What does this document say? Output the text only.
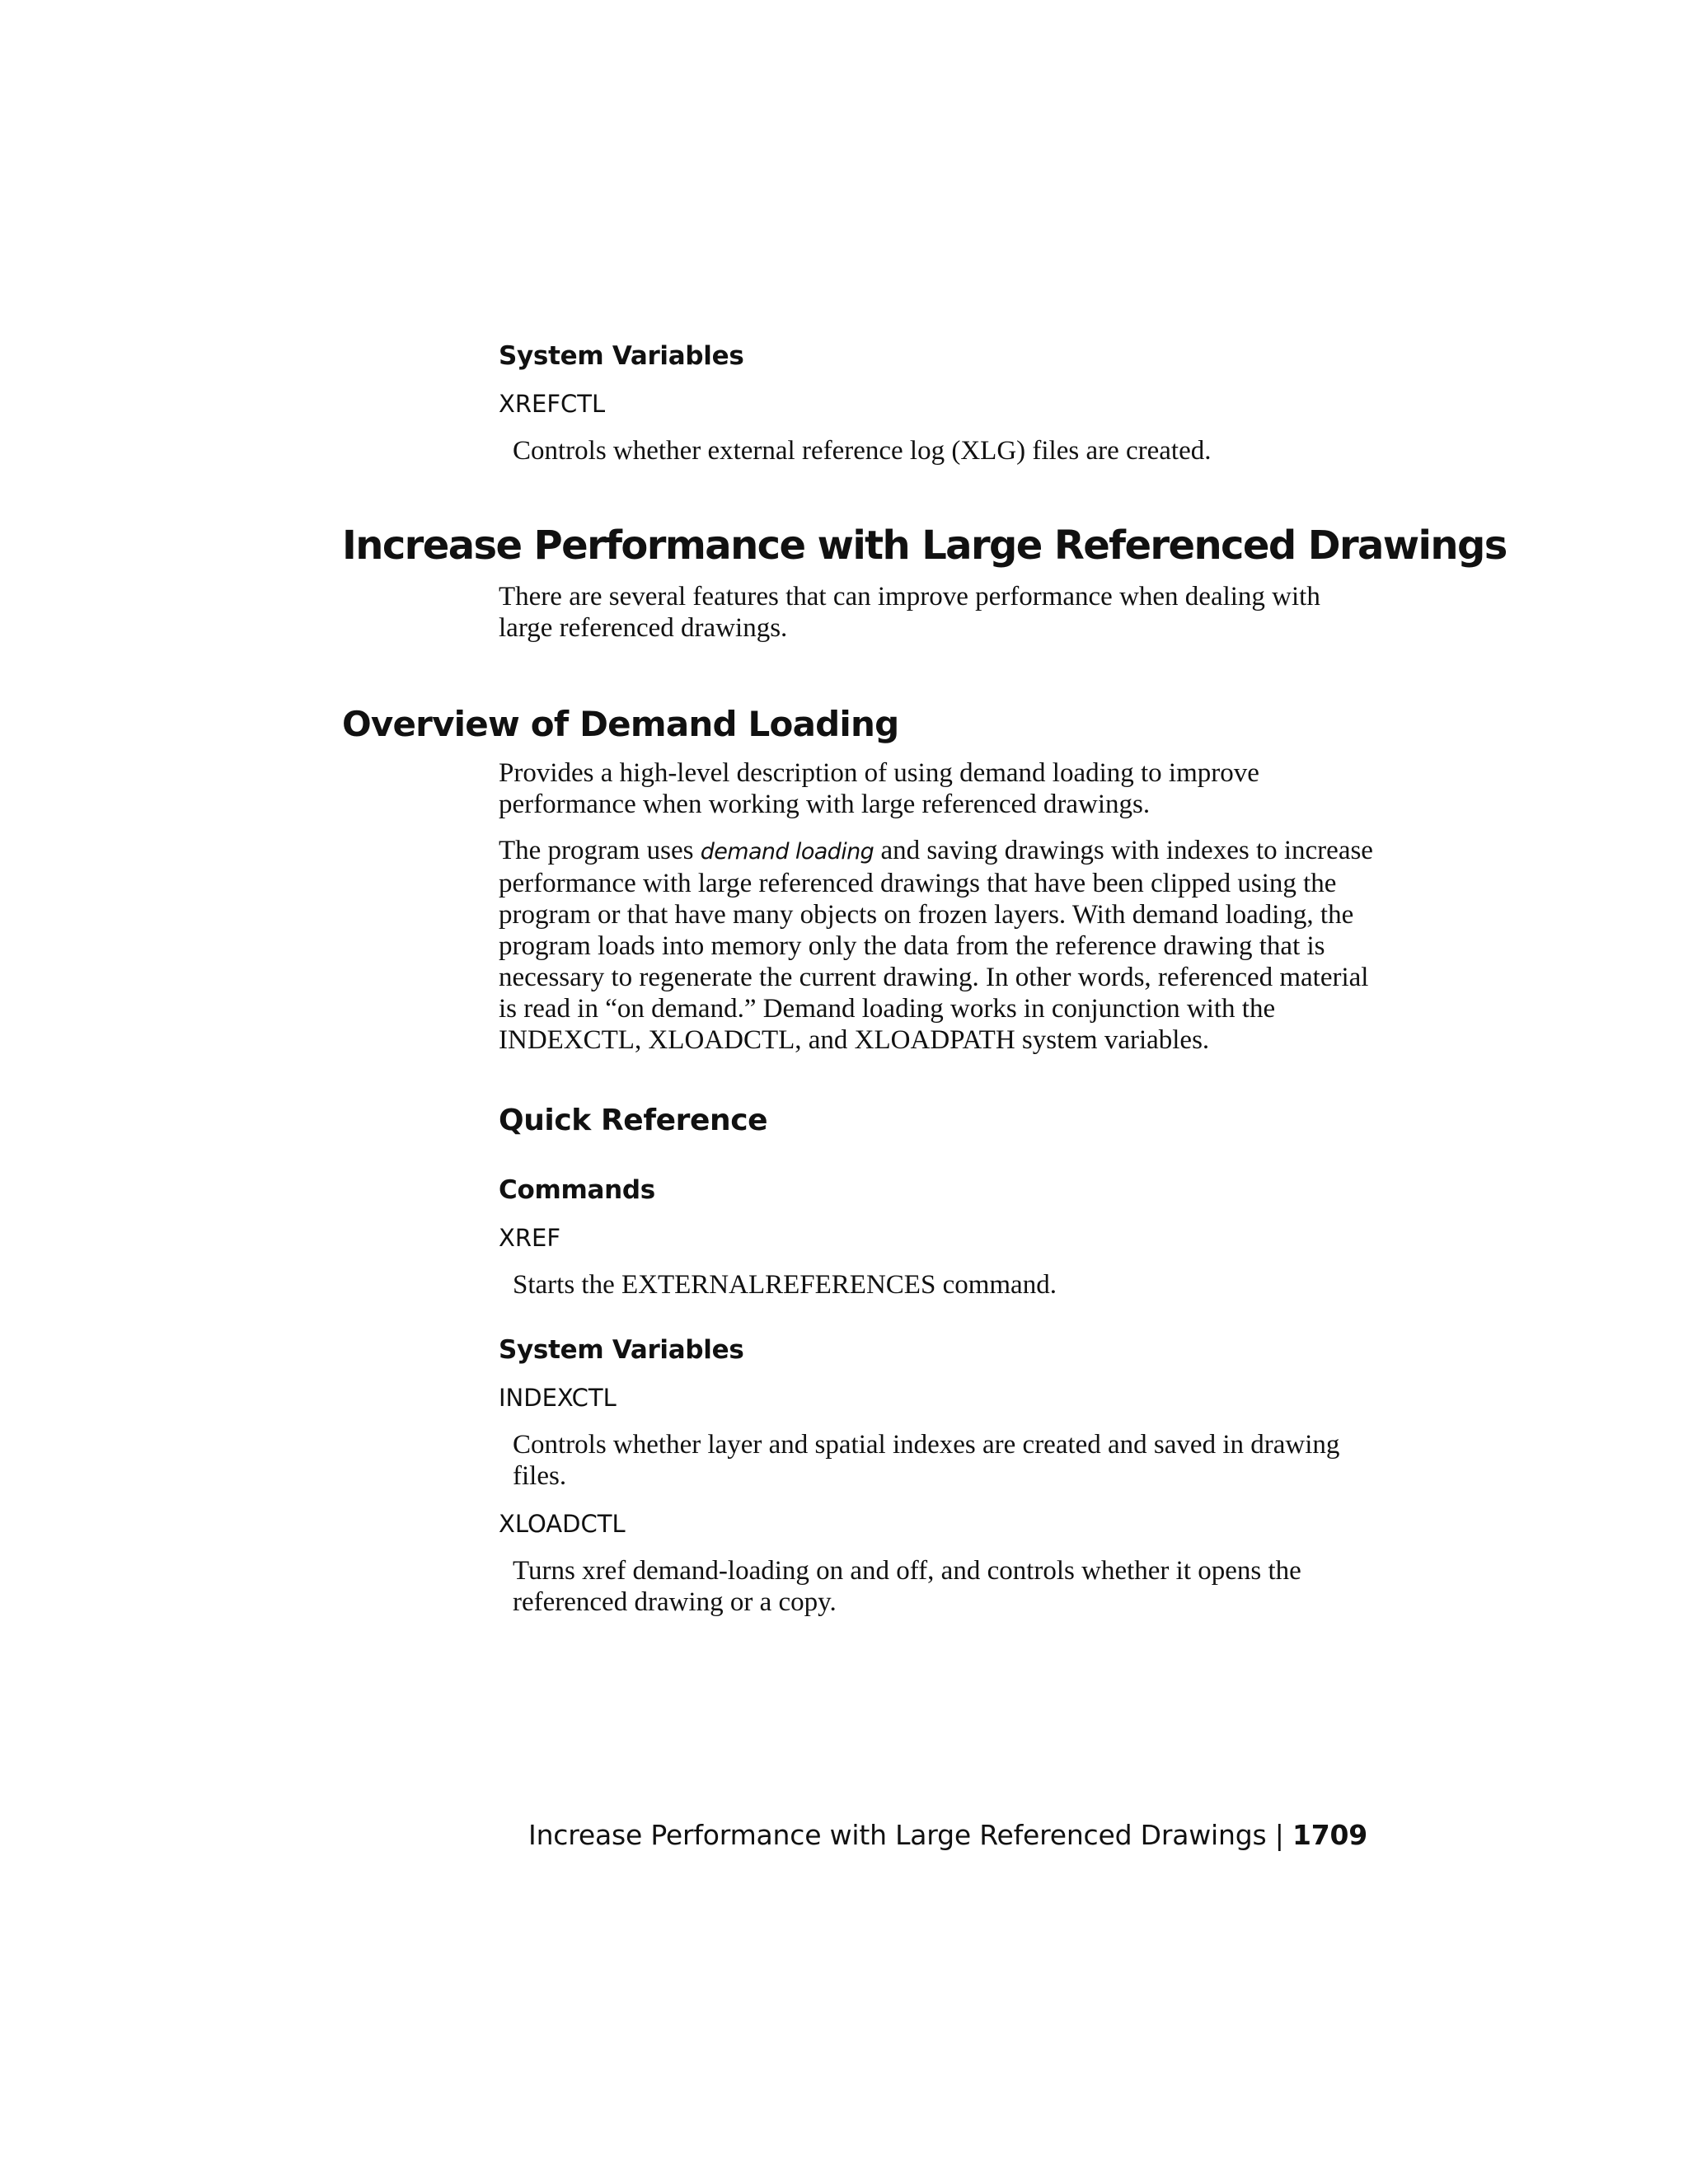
System Variables
XREFCTL
Controls whether external reference log (XLG) files are created.
Increase Performance with Large Referenced Drawings
There are several features that can improve performance when dealing with large referenced drawings.
Overview of Demand Loading
Provides a high-level description of using demand loading to improve performance when working with large referenced drawings.
The program uses demand loading and saving drawings with indexes to increase performance with large referenced drawings that have been clipped using the program or that have many objects on frozen layers. With demand loading, the program loads into memory only the data from the reference drawing that is necessary to regenerate the current drawing. In other words, referenced material is read in “on demand.” Demand loading works in conjunction with the INDEXCTL, XLOADCTL, and XLOADPATH system variables.
Quick Reference
Commands
XREF
Starts the EXTERNALREFERENCES command.
System Variables
INDEXCTL
Controls whether layer and spatial indexes are created and saved in drawing files.
XLOADCTL
Turns xref demand-loading on and off, and controls whether it opens the referenced drawing or a copy.
Increase Performance with Large Referenced Drawings | 1709
